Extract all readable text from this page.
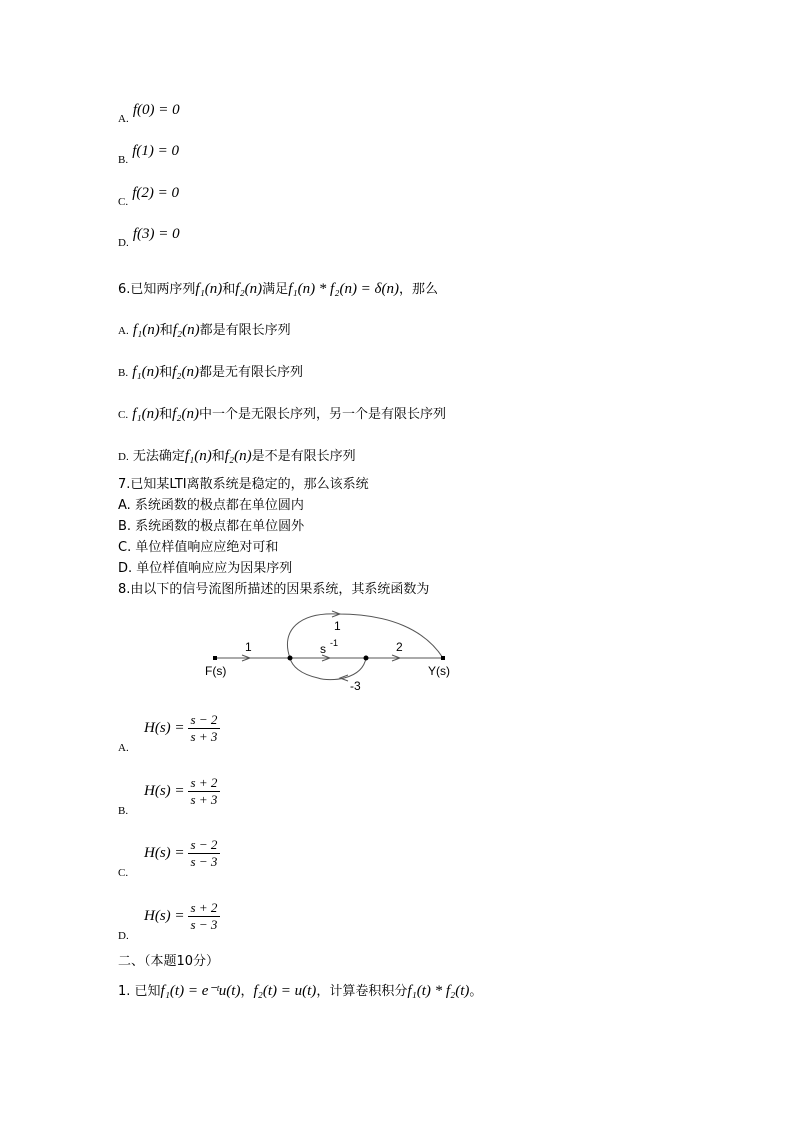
A. f(0) = 0
B. f(1) = 0
C. f(2) = 0
D. f(3) = 0
6.已知两序列f₁(n)和f₂(n)满足f₁(n) * f₂(n) = δ(n)，那么
A. f₁(n)和f₂(n)都是有限长序列
B. f₁(n)和f₂(n)都是无有限长序列
C. f₁(n)和f₂(n)中一个是无限长序列，另一个是有限长序列
D. 无法确定f₁(n)和f₂(n)是不是有限长序列
7.已知某LTI离散系统是稳定的，那么该系统
A. 系统函数的极点都在单位圆内
B. 系统函数的极点都在单位圆外
C. 单位样值响应应绝对可和
D. 单位样值响应应为因果序列
8.由以下的信号流图所描述的因果系统，其系统函数为
F(s)	Y(s)
1	s -1	2
1
-3
A.
$H(s) = \frac{s - 2}{s + 3}$
B.
$H(s) = \frac{s + 2}{s + 3}$
C.
$H(s) = \frac{s - 2}{s - 3}$
D.
$H(s) = \frac{s + 2}{s - 3}$
二、（本题10分）
1. 已知f₁(t) = e⁻ᵗu(t)，f₂(t) = u(t)，计算卷积积分f₁(t) * f₂(t)。
